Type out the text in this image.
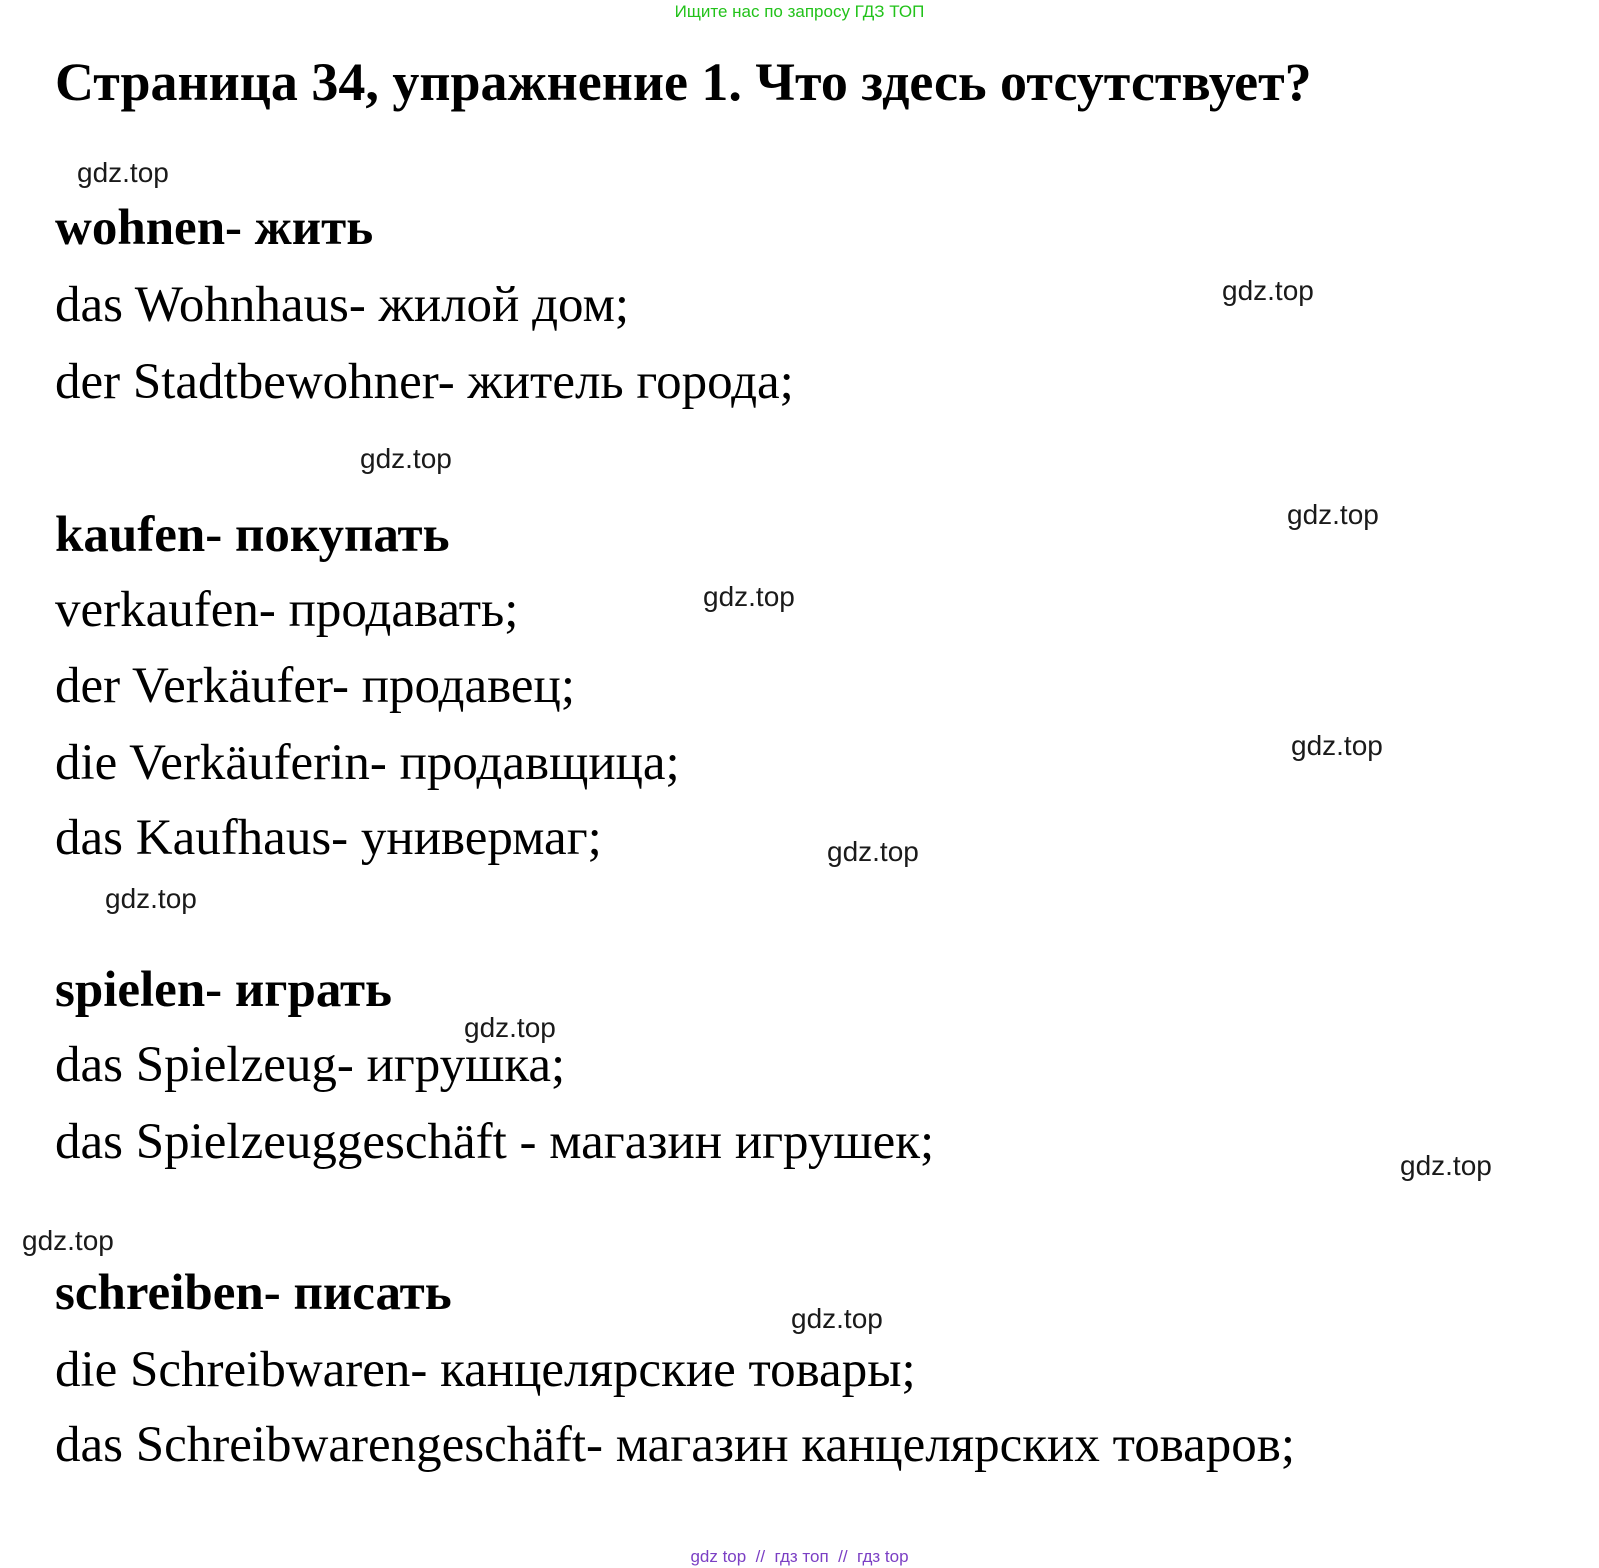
Ищите нас по запросу ГДЗ ТОП
Страница 34, упражнение 1. Что здесь отсутствует?
wohnen- жить
das Wohnhaus- жилой дом;
der Stadtbewohner- житель города;
kaufen- покупать
verkaufen- продавать;
der Verkäufer- продавец;
die Verkäuferin- продавщица;
das Kaufhaus- универмаг;
spielen- играть
das Spielzeug- игрушка;
das Spielzeuggeschäft - магазин игрушек;
schreiben- писать
die Schreibwaren- канцелярские товары;
das Schreibwarengeschäft- магазин канцелярских товаров;
gdz.top
gdz.top
gdz.top
gdz.top
gdz.top
gdz.top
gdz.top
gdz.top
gdz.top
gdz.top
gdz.top
gdz.top
gdz top  //  гдз топ  //  гдз top
